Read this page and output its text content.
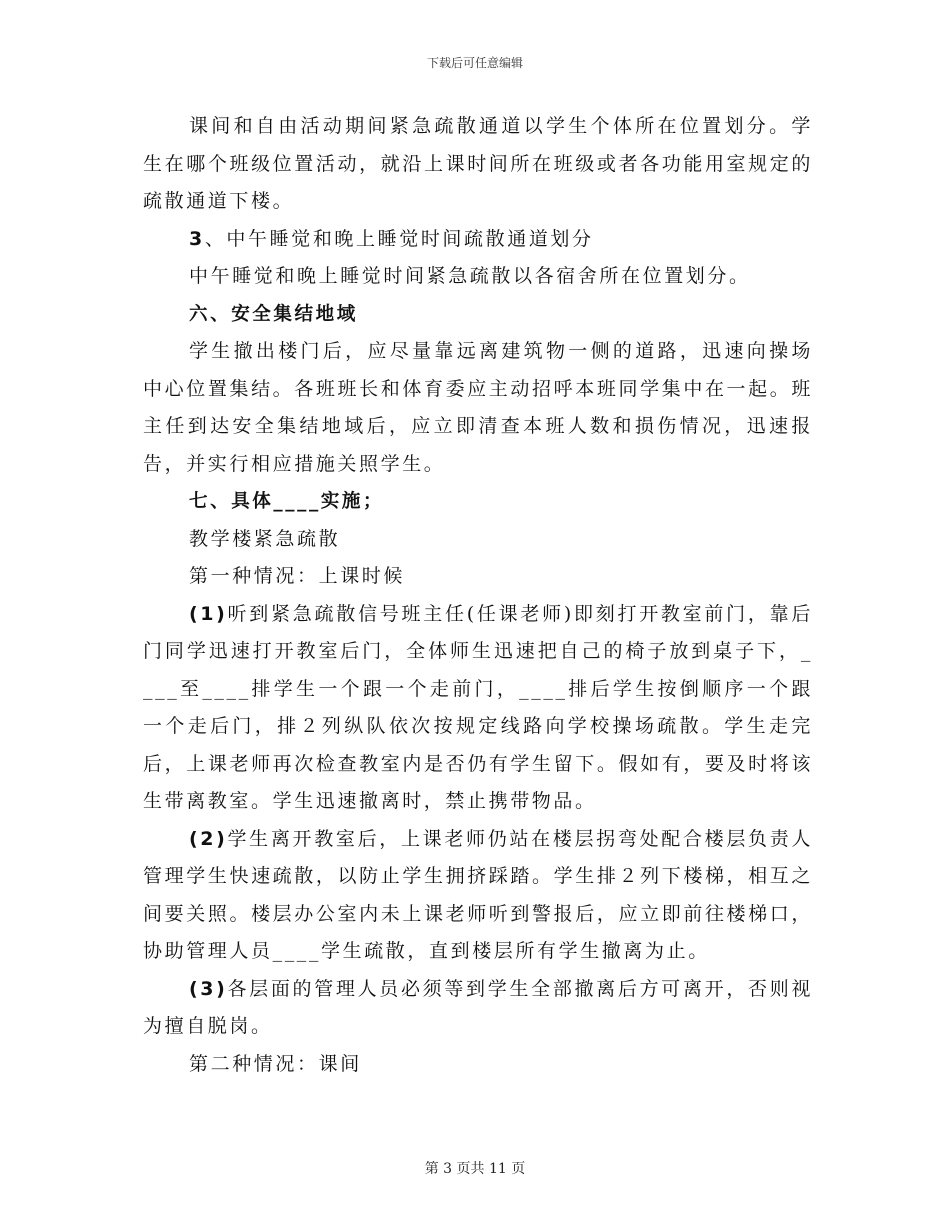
下载后可任意编辑

课间和自由活动期间紧急疏散通道以学生个体所在位置划分。学生在哪个班级位置活动，就沿上课时间所在班级或者各功能用室规定的疏散通道下楼。

3、中午睡觉和晚上睡觉时间疏散通道划分

中午睡觉和晚上睡觉时间紧急疏散以各宿舍所在位置划分。

六、安全集结地域

学生撤出楼门后，应尽量靠远离建筑物一侧的道路，迅速向操场中心位置集结。各班班长和体育委应主动招呼本班同学集中在一起。班主任到达安全集结地域后，应立即清查本班人数和损伤情况，迅速报告，并实行相应措施关照学生。

七、具体____实施；

教学楼紧急疏散

第一种情况：上课时候

(1)听到紧急疏散信号班主任(任课老师)即刻打开教室前门，靠后门同学迅速打开教室后门，全体师生迅速把自己的椅子放到桌子下，____至____排学生一个跟一个走前门，____排后学生按倒顺序一个跟一个走后门，排２列纵队依次按规定线路向学校操场疏散。学生走完后，上课老师再次检查教室内是否仍有学生留下。假如有，要及时将该生带离教室。学生迅速撤离时，禁止携带物品。

(2)学生离开教室后，上课老师仍站在楼层拐弯处配合楼层负责人管理学生快速疏散，以防止学生拥挤踩踏。学生排２列下楼梯，相互之间要关照。楼层办公室内未上课老师听到警报后，应立即前往楼梯口，协助管理人员____学生疏散，直到楼层所有学生撤离为止。

(3)各层面的管理人员必须等到学生全部撤离后方可离开，否则视为擅自脱岗。

第二种情况：课间

第 3 页共 11 页
